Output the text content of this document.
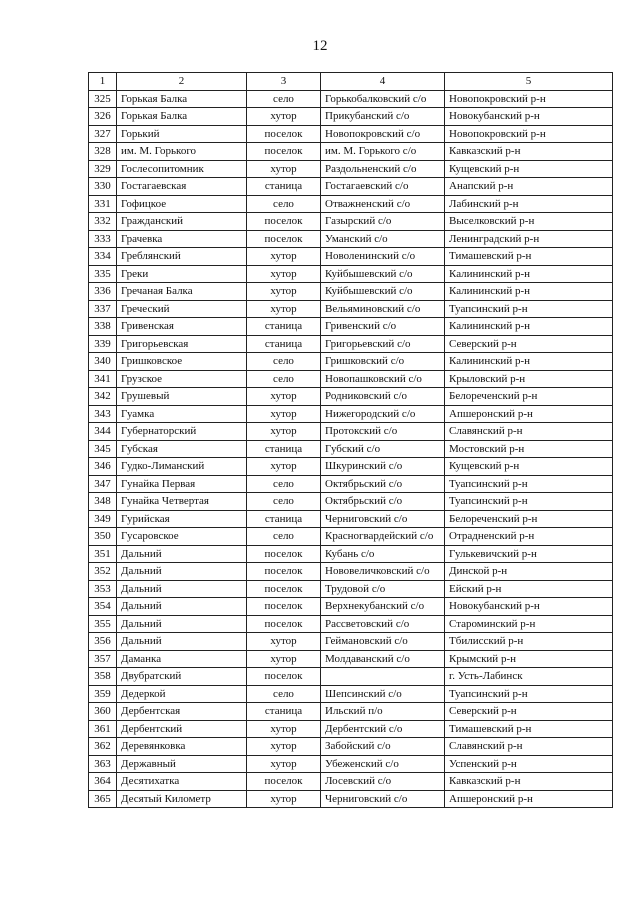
12
1	2	3	4	5
325	Горькая Балка	село	Горькобалковский с/о	Новопокровский р-н
326	Горькая Балка	хутор	Прикубанский с/о	Новокубанский р-н
327	Горький	поселок	Новопокровский с/о	Новопокровский р-н
328	им. М. Горького	поселок	им. М. Горького с/о	Кавказский р-н
329	Гослесопитомник	хутор	Раздольненский с/о	Кущевский р-н
330	Гостагаевская	станица	Гостагаевский с/о	Анапский р-н
331	Гофицкое	село	Отважненский с/о	Лабинский р-н
332	Гражданский	поселок	Газырский с/о	Выселковский р-н
333	Грачевка	поселок	Уманский с/о	Ленинградский р-н
334	Греблянский	хутор	Новоленинский с/о	Тимашевский р-н
335	Греки	хутор	Куйбышевский с/о	Калининский р-н
336	Гречаная Балка	хутор	Куйбышевский с/о	Калининский р-н
337	Греческий	хутор	Вельяминовский с/о	Туапсинский р-н
338	Гривенская	станица	Гривенский с/о	Калининский р-н
339	Григорьевская	станица	Григорьевский с/о	Северский р-н
340	Гришковское	село	Гришковский с/о	Калининский р-н
341	Грузское	село	Новопашковский с/о	Крыловский р-н
342	Грушевый	хутор	Родниковский с/о	Белореченский р-н
343	Гуамка	хутор	Нижегородский с/о	Апшеронский р-н
344	Губернаторский	хутор	Протокский с/о	Славянский р-н
345	Губская	станица	Губский с/о	Мостовский р-н
346	Гудко-Лиманский	хутор	Шкуринский с/о	Кущевский р-н
347	Гунайка Первая	село	Октябрьский с/о	Туапсинский р-н
348	Гунайка Четвертая	село	Октябрьский с/о	Туапсинский р-н
349	Гурийская	станица	Черниговский с/о	Белореченский р-н
350	Гусаровское	село	Красногвардейский с/о	Отрадненский р-н
351	Дальний	поселок	Кубань с/о	Гулькевичский р-н
352	Дальний	поселок	Нововеличковский с/о	Динской р-н
353	Дальний	поселок	Трудовой с/о	Ейский р-н
354	Дальний	поселок	Верхнекубанский с/о	Новокубанский р-н
355	Дальний	поселок	Рассветовский с/о	Староминский р-н
356	Дальний	хутор	Геймановский с/о	Тбилисский р-н
357	Даманка	хутор	Молдаванский с/о	Крымский р-н
358	Двубратский	поселок		г. Усть-Лабинск
359	Дедеркой	село	Шепсинский с/о	Туапсинский р-н
360	Дербентская	станица	Ильский п/о	Северский р-н
361	Дербентский	хутор	Дербентский с/о	Тимашевский р-н
362	Деревянковка	хутор	Забойский с/о	Славянский р-н
363	Державный	хутор	Убеженский с/о	Успенский р-н
364	Десятихатка	поселок	Лосевский с/о	Кавказский р-н
365	Десятый Километр	хутор	Черниговский с/о	Апшеронский р-н
